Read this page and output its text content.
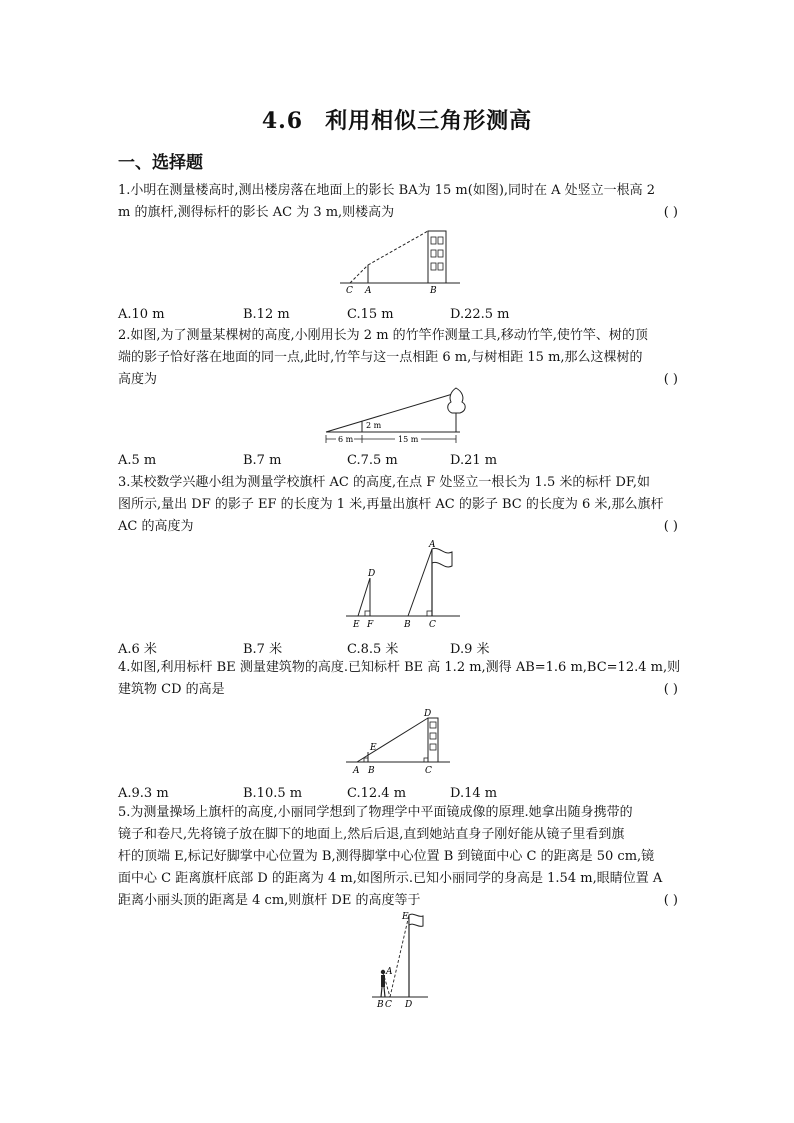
4.6 利用相似三角形测高
一、选择题
1.小明在测量楼高时,测出楼房落在地面上的影长 BA为 15 m(如图),同时在 A 处竖立一根高 2
m 的旗杆,测得标杆的影长 AC 为 3 m,则楼高为	( )
C A	B
A.10 m	B.12 m	C.15 m	D.22.5 m
2.如图,为了测量某棵树的高度,小刚用长为 2 m 的竹竿作测量工具,移动竹竿,使竹竿、树的顶
端的影子恰好落在地面的同一点,此时,竹竿与这一点相距 6 m,与树相距 15 m,那么这棵树的
高度为	( )
2 m
6 m	15 m
A.5 m	B.7 m	C.7.5 m	D.21 m
3.某校数学兴趣小组为测量学校旗杆 AC 的高度,在点 F 处竖立一根长为 1.5 米的标杆 DF,如
图所示,量出 DF 的影子 EF 的长度为 1 米,再量出旗杆 AC 的影子 BC 的长度为 6 米,那么旗杆
AC 的高度为	( )
D
E F
A
B C
A.6 米	B.7 米	C.8.5 米	D.9 米
4.如图,利用标杆 BE 测量建筑物的高度.已知标杆 BE 高 1.2 m,测得 AB=1.6 m,BC=12.4 m,则
建筑物 CD 的高是	( )
D
E
A B	C
A.9.3 m	B.10.5 m	C.12.4 m	D.14 m
5.为测量操场上旗杆的高度,小丽同学想到了物理学中平面镜成像的原理.她拿出随身携带的
镜子和卷尺,先将镜子放在脚下的地面上,然后后退,直到她站直身子刚好能从镜子里看到旗
杆的顶端 E,标记好脚掌中心位置为 B,测得脚掌中心位置 B 到镜面中心 C 的距离是 50 cm,镜
面中心 C 距离旗杆底部 D 的距离为 4 m,如图所示.已知小丽同学的身高是 1.54 m,眼睛位置 A
距离小丽头顶的距离是 4 cm,则旗杆 DE 的高度等于	( )
E
A
B C D
